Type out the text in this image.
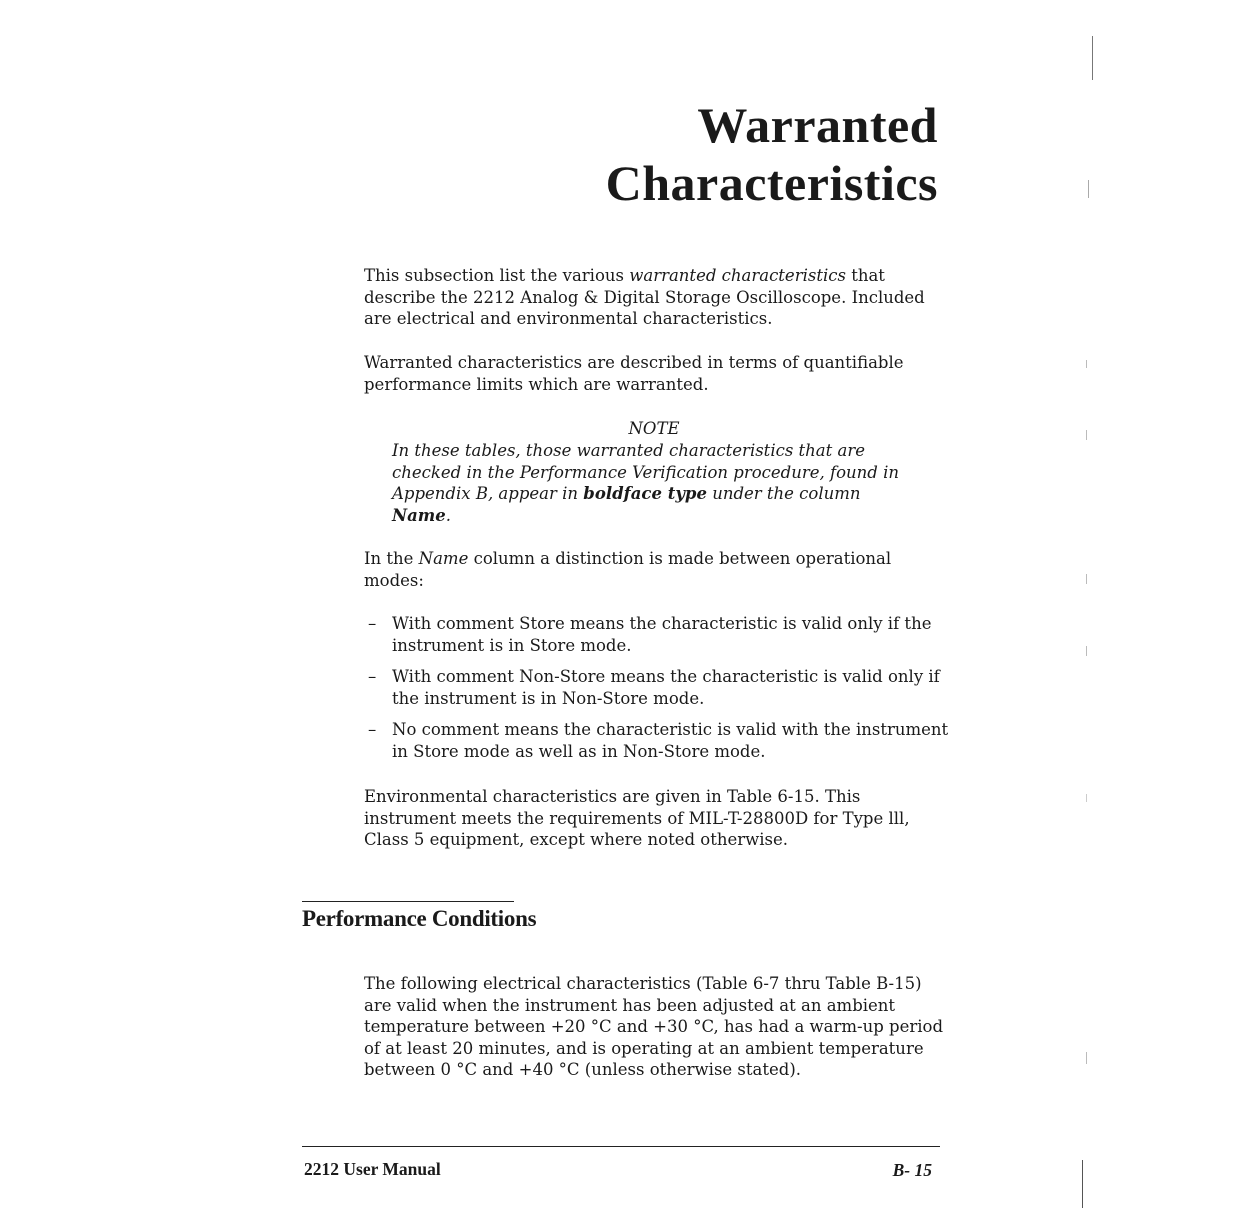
Warranted
Characteristics

This subsection list the various warranted characteristics that describe the 2212 Analog & Digital Storage Oscilloscope. Included are electrical and environmental characteristics.

Warranted characteristics are described in terms of quantifiable performance limits which are warranted.

NOTE
In these tables, those warranted characteristics that are checked in the Performance Verification procedure, found in Appendix B, appear in boldface type under the column Name.

In the Name column a distinction is made between operational modes:

– With comment Store means the characteristic is valid only if the instrument is in Store mode.
– With comment Non-Store means the characteristic is valid only if the instrument is in Non-Store mode.
– No comment means the characteristic is valid with the instrument in Store mode as well as in Non-Store mode.

Environmental characteristics are given in Table 6-15. This instrument meets the requirements of MIL-T-28800D for Type lll, Class 5 equipment, except where noted otherwise.

Performance Conditions

The following electrical characteristics (Table 6-7 thru Table B-15) are valid when the instrument has been adjusted at an ambient temperature between +20 °C and +30 °C, has had a warm-up period of at least 20 minutes, and is operating at an ambient temperature between 0 °C and +40 °C (unless otherwise stated).

2212 User Manual	B- 15
